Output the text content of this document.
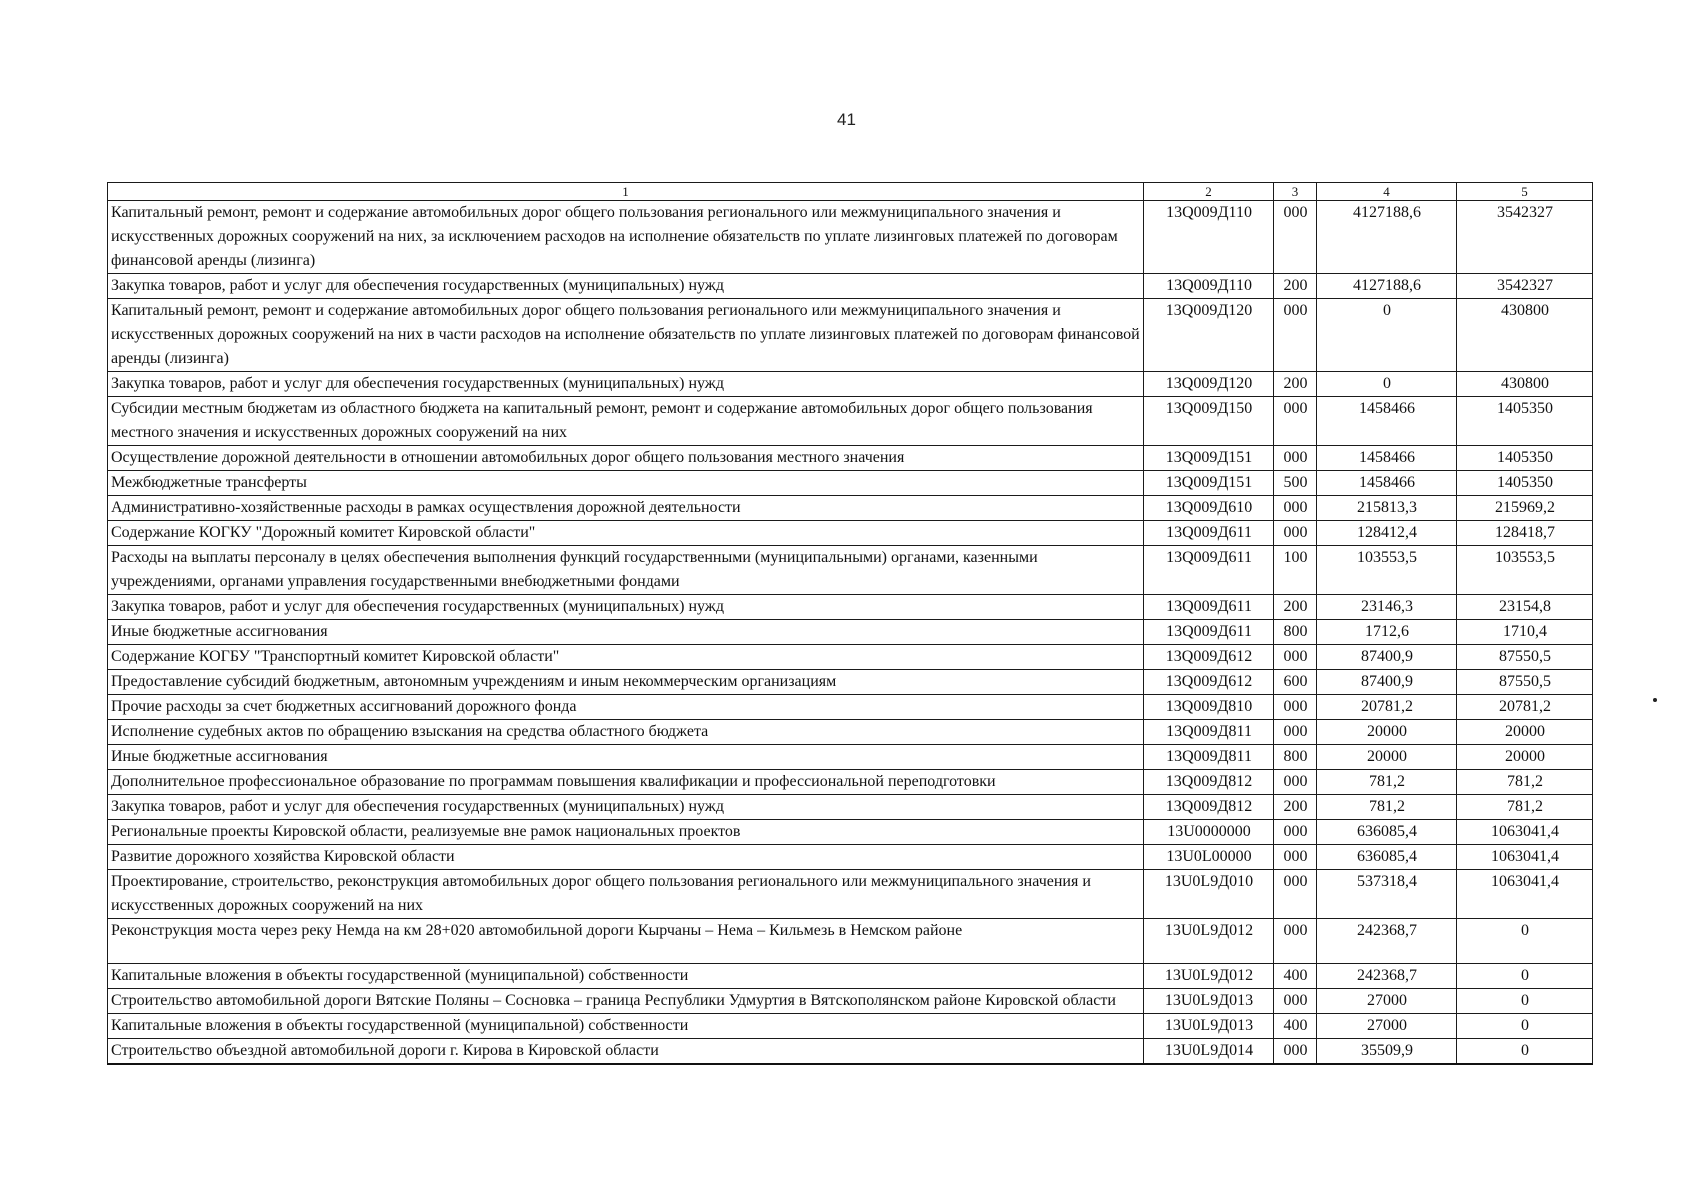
41
1	2	3	4	5
Капитальный ремонт, ремонт и содержание автомобильных дорог общего пользования регионального или межмуниципального значения и искусственных дорожных сооружений на них, за исключением расходов на исполнение обязательств по уплате лизинговых платежей по договорам финансовой аренды (лизинга)	13Q009Д110	000	4127188,6	3542327
Закупка товаров, работ и услуг для обеспечения государственных (муниципальных) нужд	13Q009Д110	200	4127188,6	3542327
Капитальный ремонт, ремонт и содержание автомобильных дорог общего пользования регионального или межмуниципального значения и искусственных дорожных сооружений на них в части расходов на исполнение обязательств по уплате лизинговых платежей по договорам финансовой аренды (лизинга)	13Q009Д120	000	0	430800
Закупка товаров, работ и услуг для обеспечения государственных (муниципальных) нужд	13Q009Д120	200	0	430800
Субсидии местным бюджетам из областного бюджета на капитальный ремонт, ремонт и содержание автомобильных дорог общего пользования местного значения и искусственных дорожных сооружений на них	13Q009Д150	000	1458466	1405350
Осуществление дорожной деятельности в отношении автомобильных дорог общего пользования местного значения	13Q009Д151	000	1458466	1405350
Межбюджетные трансферты	13Q009Д151	500	1458466	1405350
Административно-хозяйственные расходы в рамках осуществления дорожной деятельности	13Q009Д610	000	215813,3	215969,2
Содержание КОГКУ "Дорожный комитет Кировской области"	13Q009Д611	000	128412,4	128418,7
Расходы на выплаты персоналу в целях обеспечения выполнения функций государственными (муниципальными) органами, казенными учреждениями, органами управления государственными внебюджетными фондами	13Q009Д611	100	103553,5	103553,5
Закупка товаров, работ и услуг для обеспечения государственных (муниципальных) нужд	13Q009Д611	200	23146,3	23154,8
Иные бюджетные ассигнования	13Q009Д611	800	1712,6	1710,4
Содержание КОГБУ "Транспортный комитет Кировской области"	13Q009Д612	000	87400,9	87550,5
Предоставление субсидий бюджетным, автономным учреждениям и иным некоммерческим организациям	13Q009Д612	600	87400,9	87550,5
Прочие расходы за счет бюджетных ассигнований дорожного фонда	13Q009Д810	000	20781,2	20781,2
Исполнение судебных актов по обращению взыскания на средства областного бюджета	13Q009Д811	000	20000	20000
Иные бюджетные ассигнования	13Q009Д811	800	20000	20000
Дополнительное профессиональное образование по программам повышения квалификации и профессиональной переподготовки	13Q009Д812	000	781,2	781,2
Закупка товаров, работ и услуг для обеспечения государственных (муниципальных) нужд	13Q009Д812	200	781,2	781,2
Региональные проекты Кировской области, реализуемые вне рамок национальных проектов	13U0000000	000	636085,4	1063041,4
Развитие дорожного хозяйства Кировской области	13U0L00000	000	636085,4	1063041,4
Проектирование, строительство, реконструкция автомобильных дорог общего пользования регионального или межмуниципального значения и искусственных дорожных сооружений на них	13U0L9Д010	000	537318,4	1063041,4
Реконструкция моста через реку Немда на км 28+020 автомобильной дороги Кырчаны – Нема – Кильмезь в Немском районе	13U0L9Д012	000	242368,7	0
Капитальные вложения в объекты государственной (муниципальной) собственности	13U0L9Д012	400	242368,7	0
Строительство автомобильной дороги Вятские Поляны – Сосновка – граница Республики Удмуртия в Вятскополянском районе Кировской области	13U0L9Д013	000	27000	0
Капитальные вложения в объекты государственной (муниципальной) собственности	13U0L9Д013	400	27000	0
Строительство объездной автомобильной дороги г. Кирова в Кировской области	13U0L9Д014	000	35509,9	0
